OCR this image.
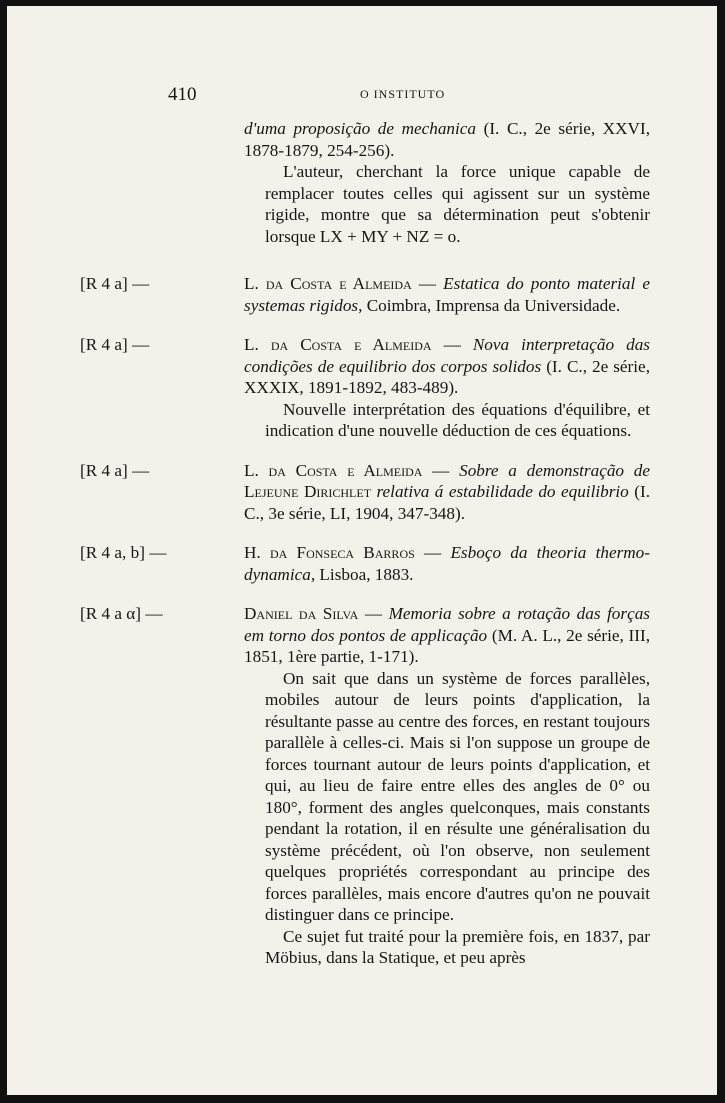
410	O INSTITUTO
d'uma proposição de mechanica (I. C., 2e série, XXVI, 1878-1879, 254-256).

L'auteur, cherchant la force unique capable de remplacer toutes celles qui agissent sur un système rigide, montre que sa détermination peut s'obtenir lorsque LX + MY + NZ = o.

[R 4 a] —	L. da Costa e Almeida — Estatica do ponto material e systemas rigidos, Coimbra, Imprensa da Universidade.
[R 4 a] —	L. da Costa e Almeida — Nova interpretação das condições de equilibrio dos corpos solidos (I. C., 2e série, XXXIX, 1891-1892, 483-489).

Nouvelle interprétation des équations d'équilibre, et indication d'une nouvelle déduction de ces équations.

[R 4 a] —	L. da Costa e Almeida — Sobre a demonstração de Lejeune Dirichlet relativa á estabilidade do equilibrio (I. C., 3e série, LI, 1904, 347-348).
[R 4 a, b] —	H. da Fonseca Barros — Esboço da theoria thermo-dynamica, Lisboa, 1883.
[R 4 a α] —	Daniel da Silva — Memoria sobre a rotação das forças em torno dos pontos de applicação (M. A. L., 2e série, III, 1851, 1ère partie, 1-171).

On sait que dans un système de forces parallèles, mobiles autour de leurs points d'application, la résultante passe au centre des forces, en restant toujours parallèle à celles-ci. Mais si l'on suppose un groupe de forces tournant autour de leurs points d'application, et qui, au lieu de faire entre elles des angles de 0° ou 180°, forment des angles quelconques, mais constants pendant la rotation, il en résulte une généralisation du système précédent, où l'on observe, non seulement quelques propriétés correspondant au principe des forces parallèles, mais encore d'autres qu'on ne pouvait distinguer dans ce principe.

Ce sujet fut traité pour la première fois, en 1837, par Möbius, dans la Statique, et peu après
